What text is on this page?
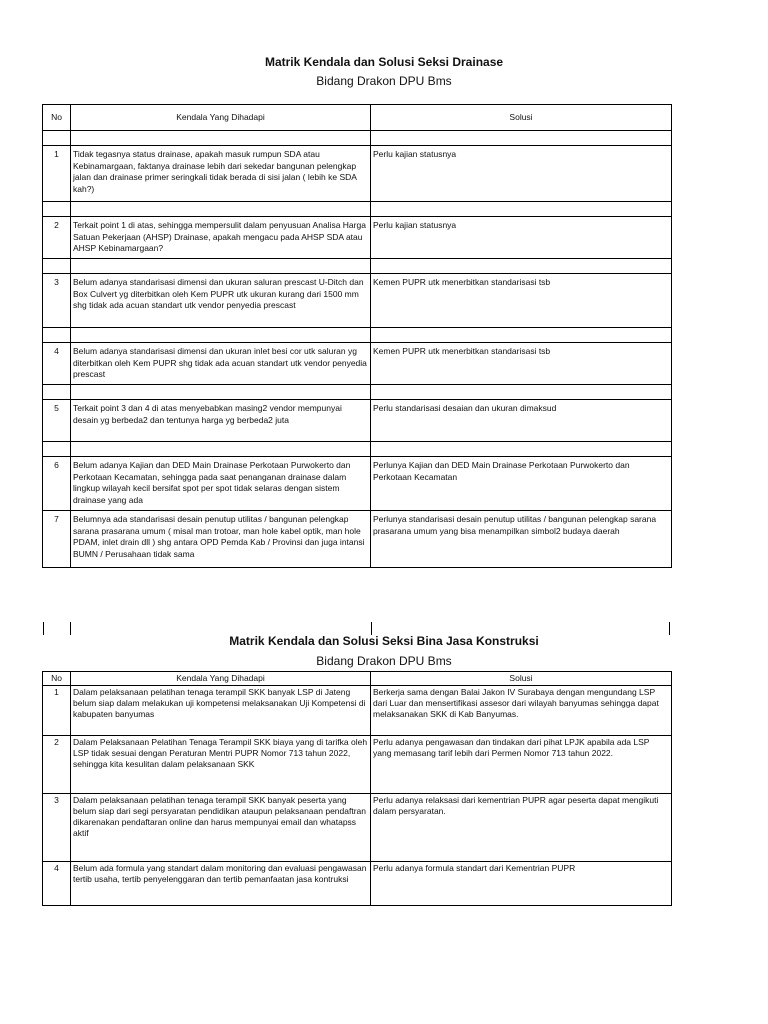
Matrik Kendala dan Solusi Seksi Drainase
Bidang Drakon DPU Bms
No	Kendala Yang Dihadapi	Solusi

1	Tidak tegasnya status drainase, apakah masuk rumpun SDA atau Kebinamargaan, faktanya drainase lebih dari sekedar bangunan pelengkap jalan dan drainase primer seringkali tidak berada di sisi jalan ( lebih ke SDA kah?)	Perlu kajian statusnya

2	Terkait point 1 di atas, sehingga mempersulit dalam penyusuan Analisa Harga Satuan Pekerjaan (AHSP) Drainase, apakah mengacu pada AHSP SDA atau AHSP Kebinamargaan?	Perlu kajian statusnya

3	Belum adanya standarisasi dimensi dan ukuran saluran prescast U-Ditch dan Box Culvert yg diterbitkan oleh Kem PUPR utk ukuran kurang dari 1500 mm shg tidak ada acuan standart utk vendor penyedia prescast	Kemen PUPR utk menerbitkan standarisasi tsb

4	Belum adanya standarisasi dimensi dan ukuran inlet besi cor utk saluran yg diterbitkan oleh Kem PUPR shg tidak ada acuan standart utk vendor penyedia prescast	Kemen PUPR utk menerbitkan standarisasi tsb

5	Terkait point 3 dan 4 di atas menyebabkan masing2 vendor mempunyai desain yg berbeda2 dan tentunya harga yg berbeda2 juta	Perlu standarisasi desaian dan ukuran dimaksud

6	Belum adanya Kajian dan DED Main Drainase Perkotaan Purwokerto dan Perkotaan Kecamatan, sehingga pada saat penanganan drainase dalam lingkup wilayah kecil bersifat spot per spot tidak selaras dengan sistem drainase yang ada	Perlunya Kajian dan DED Main Drainase Perkotaan Purwokerto dan Perkotaan Kecamatan
7	Belumnya ada standarisasi desain penutup utilitas / bangunan pelengkap sarana prasarana umum ( misal man trotoar, man hole kabel optik, man hole PDAM, inlet drain dll ) shg antara OPD Pemda Kab / Provinsi dan juga intansi BUMN / Perusahaan tidak sama	Perlunya standarisasi desain penutup utilitas / bangunan pelengkap sarana prasarana umum yang bisa menampilkan simbol2 budaya daerah
Matrik Kendala dan Solusi Seksi Bina Jasa Konstruksi
Bidang Drakon DPU Bms
No	Kendala Yang Dihadapi	Solusi
1	Dalam pelaksanaan pelatihan tenaga terampil SKK banyak LSP di Jateng belum siap dalam melakukan uji kompetensi melaksanakan Uji Kompetensi di kabupaten banyumas	Berkerja sama dengan Balai Jakon IV Surabaya dengan mengundang LSP dari Luar dan mensertifikasi assesor dari wilayah banyumas sehingga dapat melaksanakan SKK di Kab Banyumas.
2	Dalam Pelaksanaan Pelatihan Tenaga Terampil SKK biaya yang di tarifka oleh LSP tidak sesuai dengan Peraturan Mentri PUPR Nomor 713 tahun 2022, sehingga kita kesulitan dalam pelaksanaan SKK	Perlu adanya pengawasan dan tindakan dari pihat LPJK apabila ada LSP yang memasang tarif lebih dari Permen Nomor 713 tahun 2022.
3	Dalam pelaksanaan pelatihan tenaga terampil SKK banyak peserta yang belum siap dari segi persyaratan pendidikan ataupun pelaksanaan pendaftran dikarenakan pendaftaran online dan harus mempunyai email dan whatapss aktif	Perlu adanya relaksasi dari kementrian PUPR agar peserta dapat mengikuti dalam persyaratan.
4	Belum ada formula yang standart dalam monitoring dan evaluasi pengawasan tertib usaha, tertib penyelenggaran dan tertib pemanfaatan jasa kontruksi	Perlu adanya formula standart dari Kementrian PUPR
